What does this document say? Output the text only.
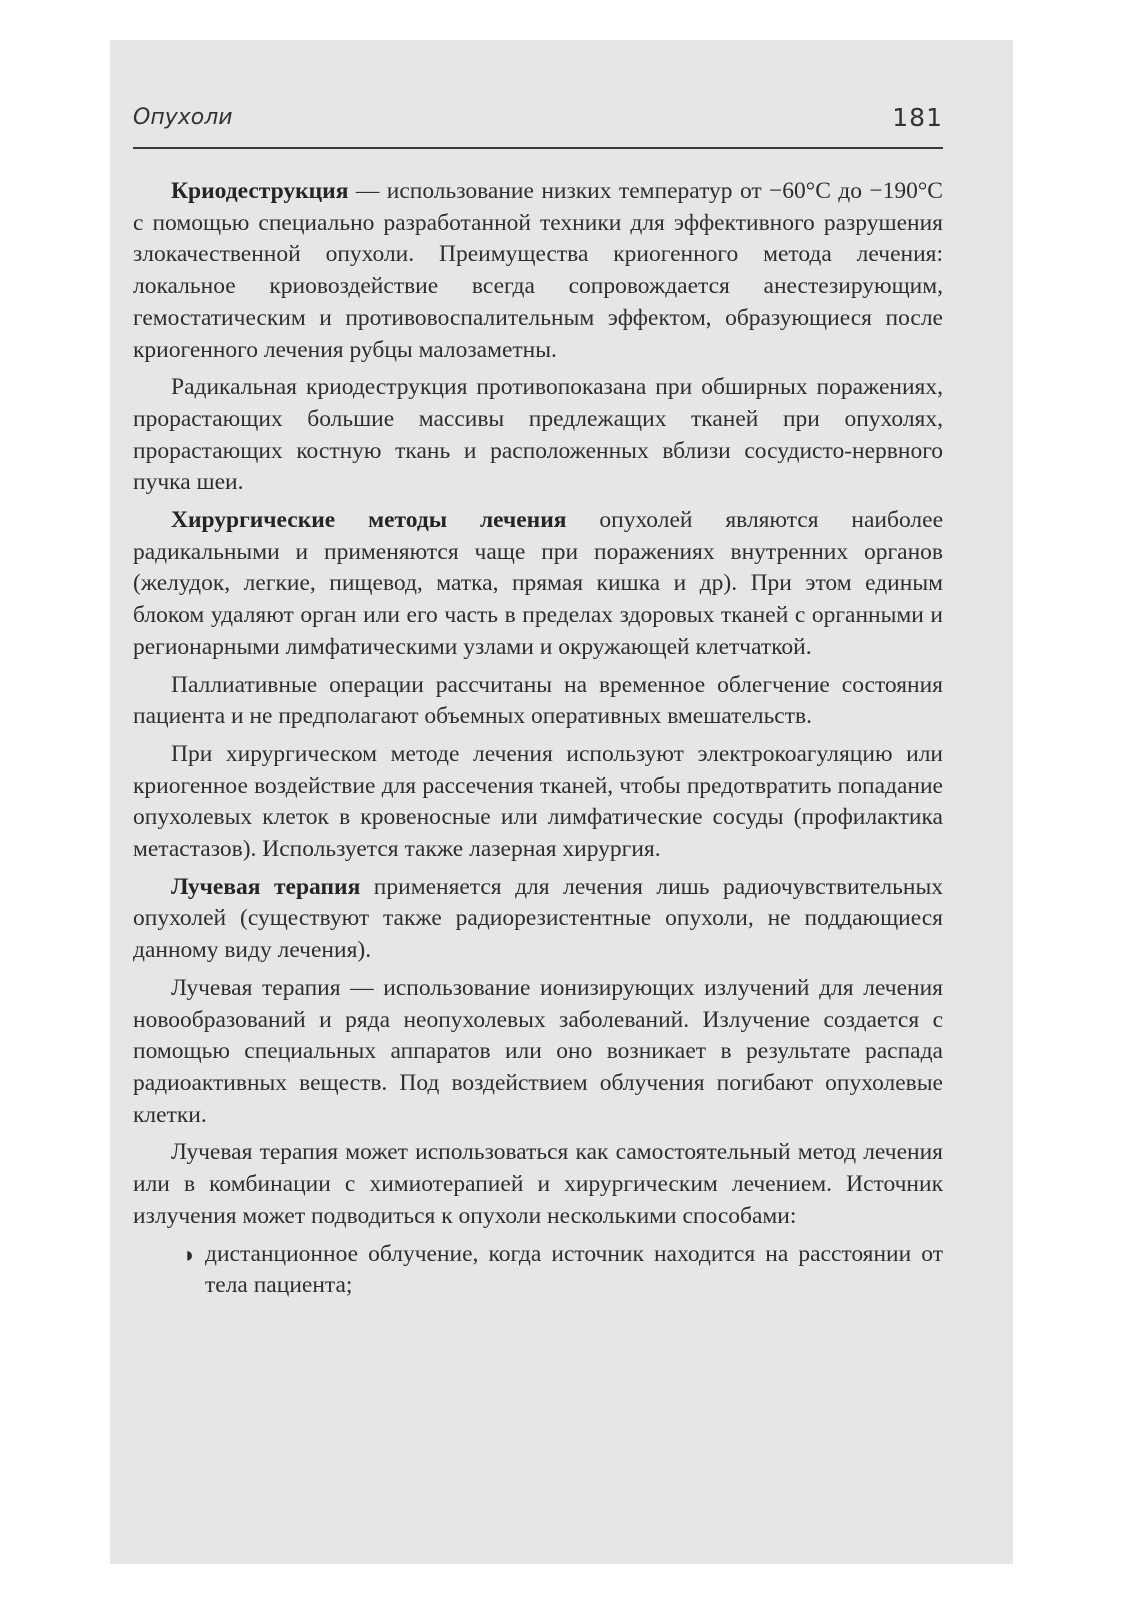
Опухоли	181

Криодеструкция — использование низких температур от −60°С до −190°С с помощью специально разработанной техники для эффективного разрушения злокачественной опухоли. Преимущества криогенного метода лечения: локальное криовоздействие всегда сопровождается анестезирующим, гемостатическим и противовоспалительным эффектом, образующиеся после криогенного лечения рубцы малозаметны.

Радикальная криодеструкция противопоказана при обширных поражениях, прорастающих большие массивы предлежащих тканей при опухолях, прорастающих костную ткань и расположенных вблизи сосудисто-нервного пучка шеи.

Хирургические методы лечения опухолей являются наиболее радикальными и применяются чаще при поражениях внутренних органов (желудок, легкие, пищевод, матка, прямая кишка и др). При этом единым блоком удаляют орган или его часть в пределах здоровых тканей с органными и регионарными лимфатическими узлами и окружающей клетчаткой.

Паллиативные операции рассчитаны на временное облегчение состояния пациента и не предполагают объемных оперативных вмешательств.

При хирургическом методе лечения используют электрокоагуляцию или криогенное воздействие для рассечения тканей, чтобы предотвратить попадание опухолевых клеток в кровеносные или лимфатические сосуды (профилактика метастазов). Используется также лазерная хирургия.

Лучевая терапия применяется для лечения лишь радиочувствительных опухолей (существуют также радиорезистентные опухоли, не поддающиеся данному виду лечения).

Лучевая терапия — использование ионизирующих излучений для лечения новообразований и ряда неопухолевых заболеваний. Излучение создается с помощью специальных аппаратов или оно возникает в результате распада радиоактивных веществ. Под воздействием облучения погибают опухолевые клетки.

Лучевая терапия может использоваться как самостоятельный метод лечения или в комбинации с химиотерапией и хирургическим лечением. Источник излучения может подводиться к опухоли несколькими способами:

◗ дистанционное облучение, когда источник находится на расстоянии от тела пациента;
